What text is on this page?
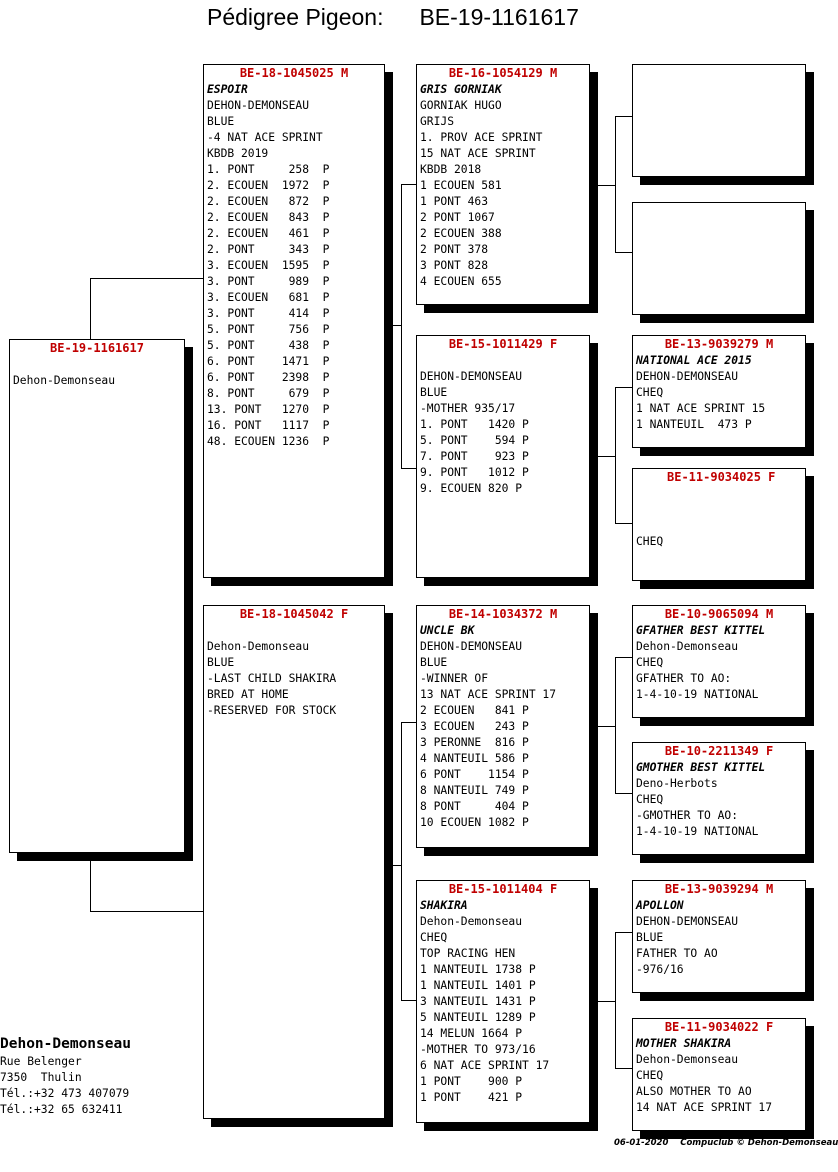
Pédigree Pigeon: BE-19-1161617
BE-19-1161617
Dehon-Demonseau
BE-18-1045025 M
ESPOIR
DEHON-DEMONSEAU
BLUE
-4 NAT ACE SPRINT
KBDB 2019
1. PONT     258  P
2. ECOUEN  1972  P
2. ECOUEN   872  P
2. ECOUEN   843  P
2. ECOUEN   461  P
2. PONT     343  P
3. ECOUEN  1595  P
3. PONT     989  P
3. ECOUEN   681  P
3. PONT     414  P
5. PONT     756  P
5. PONT     438  P
6. PONT    1471  P
6. PONT    2398  P
8. PONT     679  P
13. PONT   1270  P
16. PONT   1117  P
48. ECOUEN 1236  P
BE-18-1045042 F
Dehon-Demonseau
BLUE
-LAST CHILD SHAKIRA
BRED AT HOME
-RESERVED FOR STOCK
BE-16-1054129 M
GRIS GORNIAK
GORNIAK HUGO
GRIJS
1. PROV ACE SPRINT
15 NAT ACE SPRINT
KBDB 2018
1 ECOUEN 581
1 PONT 463
2 PONT 1067
2 ECOUEN 388
2 PONT 378
3 PONT 828
4 ECOUEN 655
BE-15-1011429 F
DEHON-DEMONSEAU
BLUE
-MOTHER 935/17
1. PONT   1420 P
5. PONT    594 P
7. PONT    923 P
9. PONT   1012 P
9. ECOUEN 820 P
BE-14-1034372 M
UNCLE BK
DEHON-DEMONSEAU
BLUE
-WINNER OF
13 NAT ACE SPRINT 17
2 ECOUEN   841 P
3 ECOUEN   243 P
3 PERONNE  816 P
4 NANTEUIL 586 P
6 PONT    1154 P
8 NANTEUIL 749 P
8 PONT     404 P
10 ECOUEN 1082 P
BE-15-1011404 F
SHAKIRA
Dehon-Demonseau
CHEQ
TOP RACING HEN
1 NANTEUIL 1738 P
1 NANTEUIL 1401 P
3 NANTEUIL 1431 P
5 NANTEUIL 1289 P
14 MELUN 1664 P
-MOTHER TO 973/16
6 NAT ACE SPRINT 17
1 PONT    900 P
1 PONT    421 P
BE-13-9039279 M
NATIONAL ACE 2015
DEHON-DEMONSEAU
CHEQ
1 NAT ACE SPRINT 15
1 NANTEUIL  473 P
BE-11-9034025 F
CHEQ
BE-10-9065094 M
GFATHER BEST KITTEL
Dehon-Demonseau
CHEQ
GFATHER TO AO:
1-4-10-19 NATIONAL
BE-10-2211349 F
GMOTHER BEST KITTEL
Deno-Herbots
CHEQ
-GMOTHER TO AO:
1-4-10-19 NATIONAL
BE-13-9039294 M
APOLLON
DEHON-DEMONSEAU
BLUE
FATHER TO AO
-976/16
BE-11-9034022 F
MOTHER SHAKIRA
Dehon-Demonseau
CHEQ
ALSO MOTHER TO AO
14 NAT ACE SPRINT 17
Dehon-Demonseau
Rue Belenger
7350  Thulin
Tél.:+32 473 407079
Tél.:+32 65 632411
06-01-2020 Compuclub © Dehon-Demonseau
